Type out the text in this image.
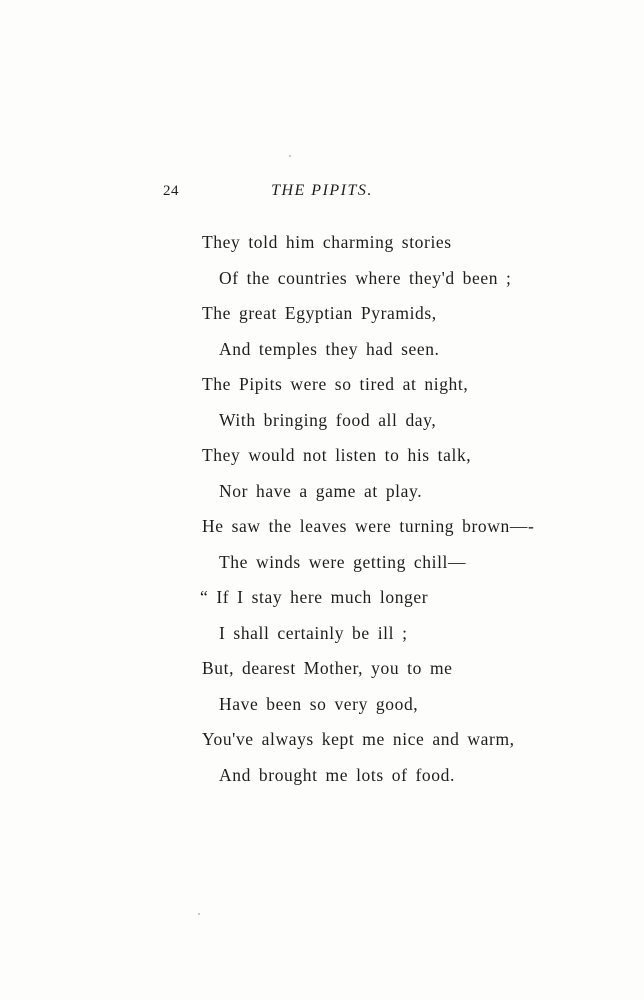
24	THE PIPITS.
They told him charming stories
Of the countries where they'd been ;
The great Egyptian Pyramids,
And temples they had seen.
The Pipits were so tired at night,
With bringing food all day,
They would not listen to his talk,
Nor have a game at play.
He saw the leaves were turning brown—-
The winds were getting chill—
“ If I stay here much longer
I shall certainly be ill ;
But, dearest Mother, you to me
Have been so very good,
You've always kept me nice and warm,
And brought me lots of food.
